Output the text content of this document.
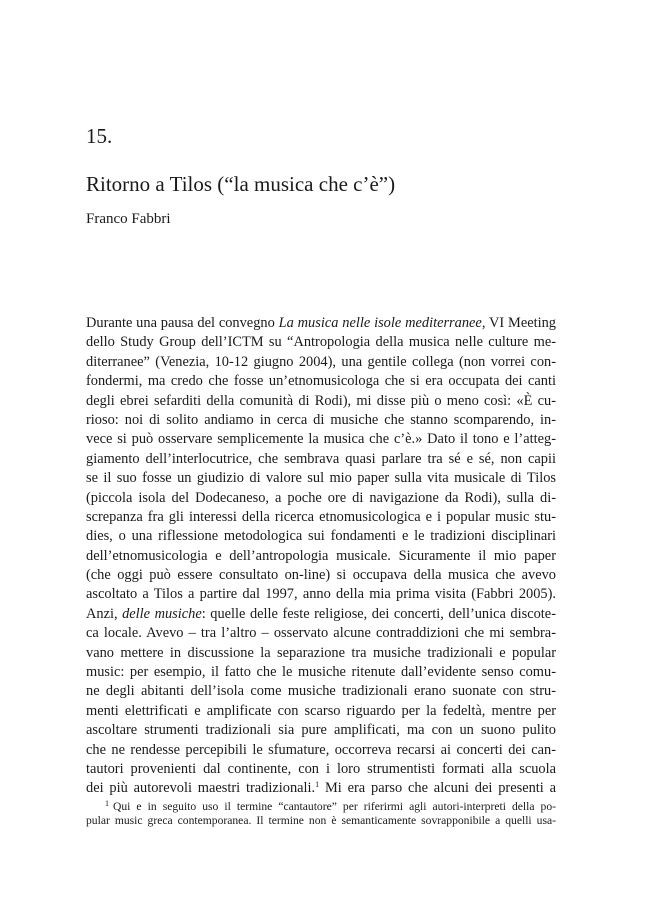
15.
Ritorno a Tilos (“la musica che c’è”)

Franco Fabbri

Durante una pausa del convegno La musica nelle isole mediterranee, VI Meeting
dello Study Group dell’ICTM su “Antropologia della musica nelle culture me-
diterranee” (Venezia, 10-12 giugno 2004), una gentile collega (non vorrei con-
fondermi, ma credo che fosse un’etnomusicologa che si era occupata dei canti
degli ebrei sefarditi della comunità di Rodi), mi disse più o meno così: «È cu-
rioso: noi di solito andiamo in cerca di musiche che stanno scomparendo, in-
vece si può osservare semplicemente la musica che c’è.» Dato il tono e l’atteg-
giamento dell’interlocutrice, che sembrava quasi parlare tra sé e sé, non capii
se il suo fosse un giudizio di valore sul mio paper sulla vita musicale di Tilos
(piccola isola del Dodecaneso, a poche ore di navigazione da Rodi), sulla di-
screpanza fra gli interessi della ricerca etnomusicologica e i popular music stu-
dies, o una riflessione metodologica sui fondamenti e le tradizioni disciplinari
dell’etnomusicologia e dell’antropologia musicale. Sicuramente il mio paper
(che oggi può essere consultato on-line) si occupava della musica che avevo
ascoltato a Tilos a partire dal 1997, anno della mia prima visita (Fabbri 2005).
Anzi, delle musiche: quelle delle feste religiose, dei concerti, dell’unica discote-
ca locale. Avevo – tra l’altro – osservato alcune contraddizioni che mi sembra-
vano mettere in discussione la separazione tra musiche tradizionali e popular
music: per esempio, il fatto che le musiche ritenute dall’evidente senso comu-
ne degli abitanti dell’isola come musiche tradizionali erano suonate con stru-
menti elettrificati e amplificate con scarso riguardo per la fedeltà, mentre per
ascoltare strumenti tradizionali sia pure amplificati, ma con un suono pulito
che ne rendesse percepibili le sfumature, occorreva recarsi ai concerti dei can-
tautori provenienti dal continente, con i loro strumentisti formati alla scuola
dei più autorevoli maestri tradizionali.$^1$ Mi era parso che alcuni dei presenti a
$^1$ Qui e in seguito uso il termine “cantautore” per riferirmi agli autori-interpreti della po-
pular music greca contemporanea. Il termine non è semanticamente sovrapponibile a quelli usa-
